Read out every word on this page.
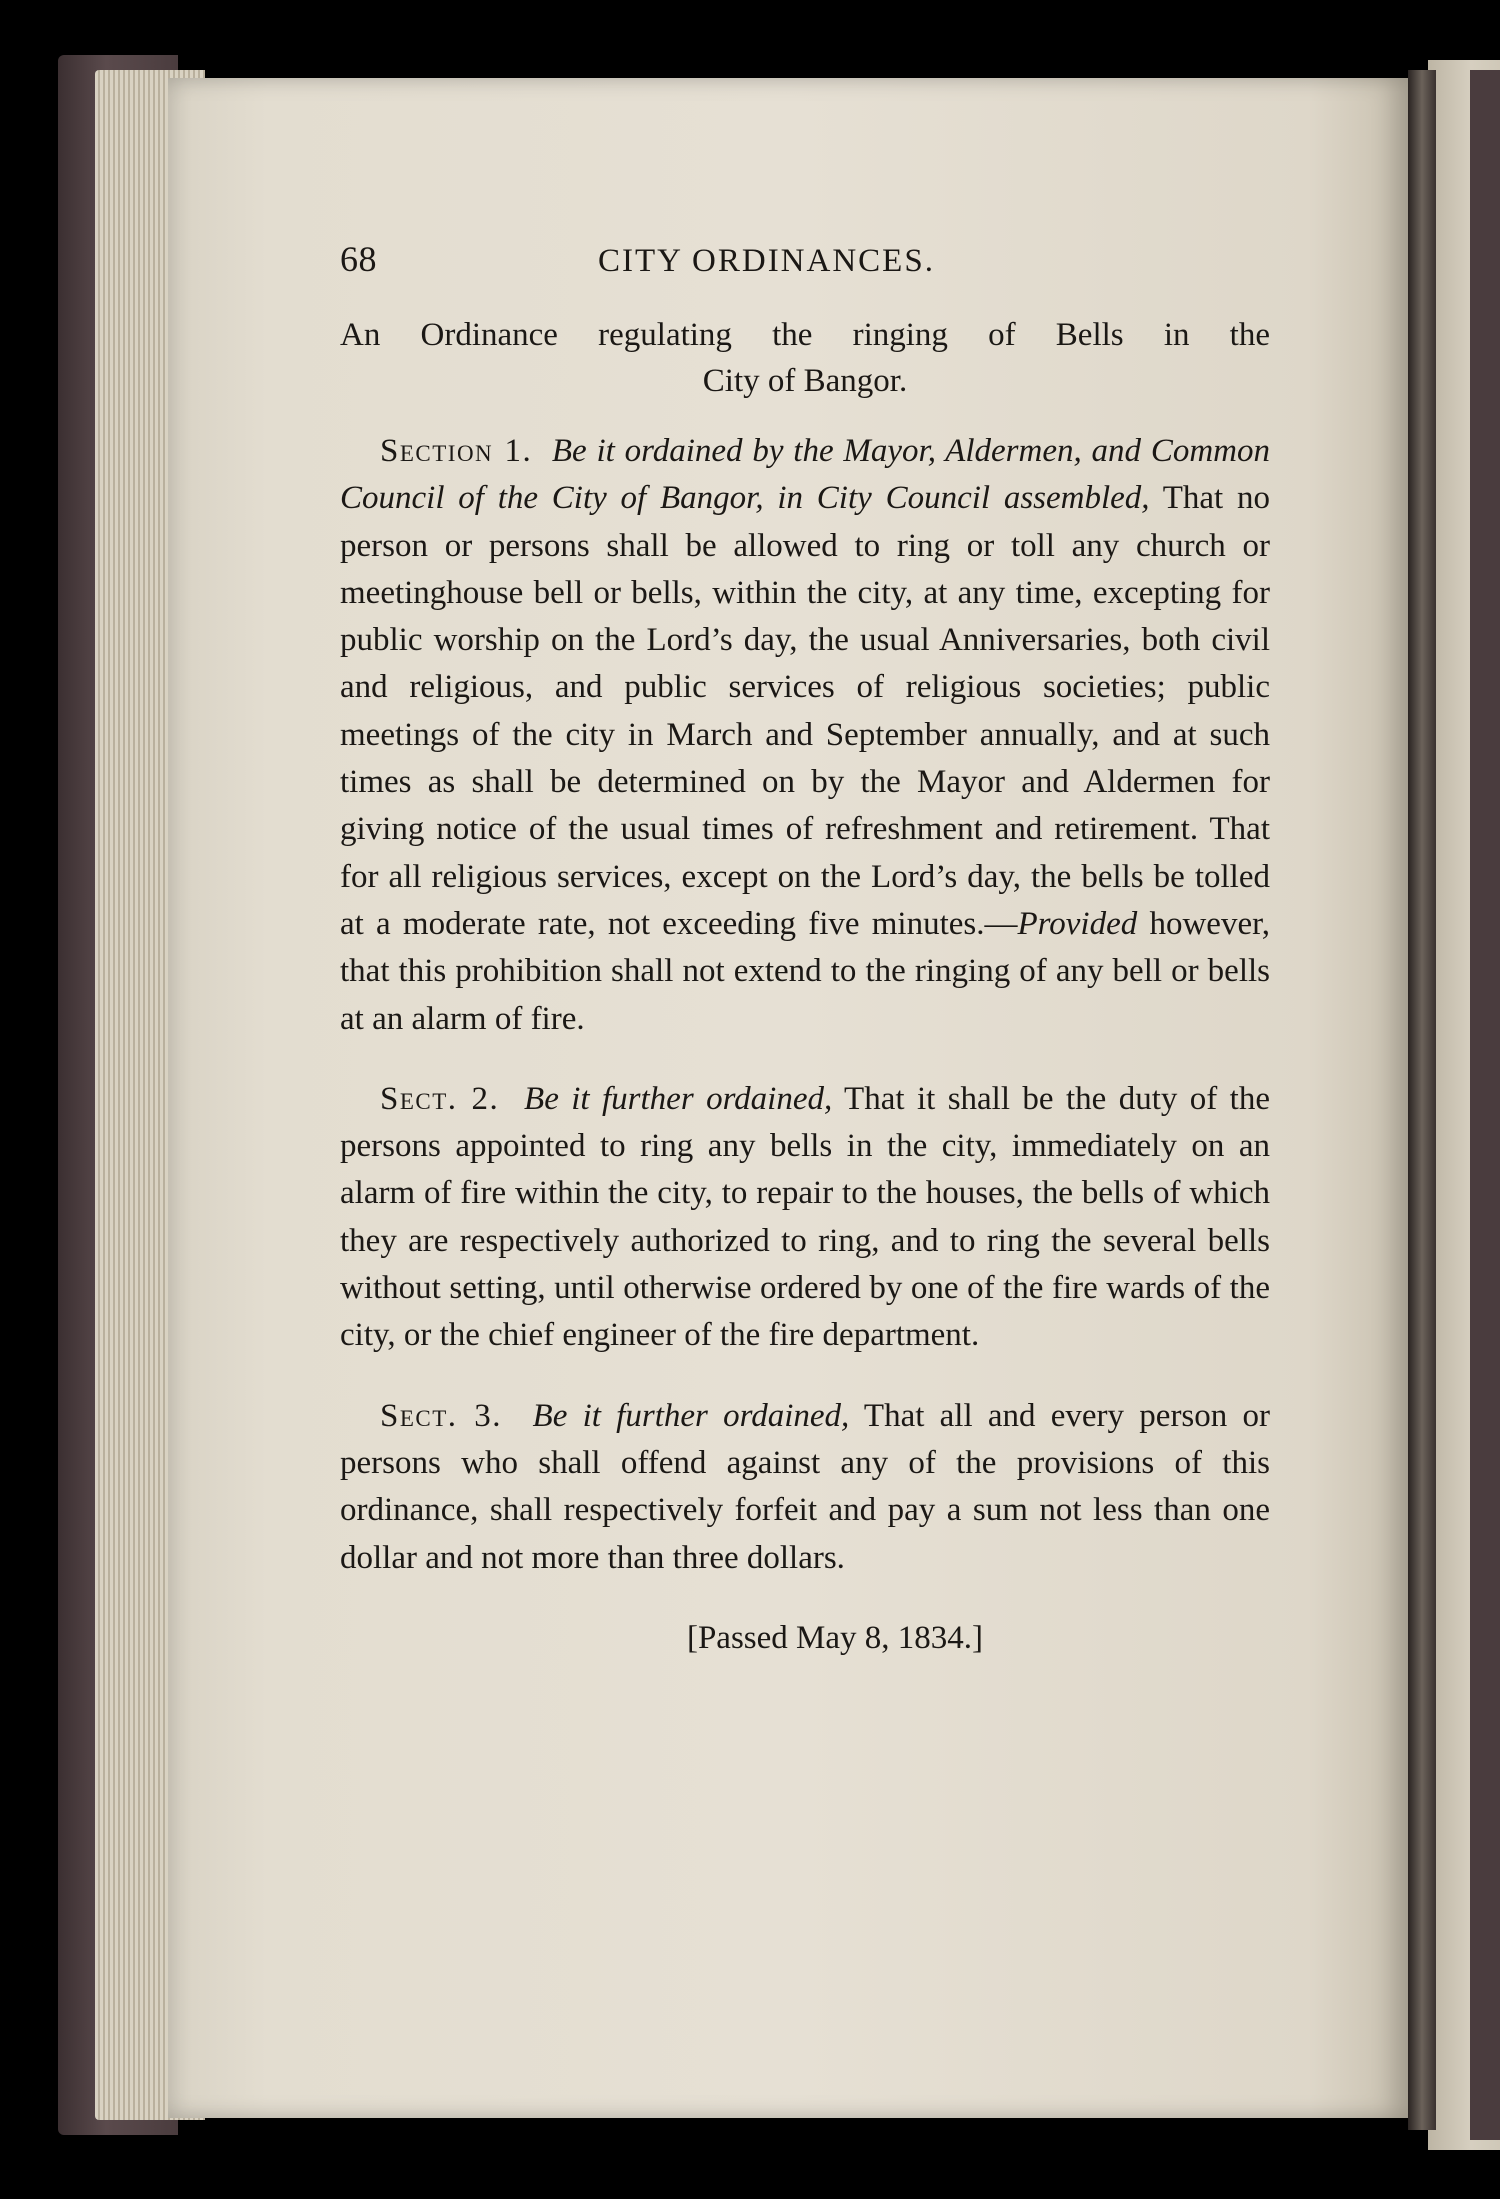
68	CITY ORDINANCES.
An Ordinance regulating the ringing of Bells in the
City of Bangor.

Section 1. Be it ordained by the Mayor, Aldermen, and Common Council of the City of Bangor, in City Council assembled, That no person or persons shall be allowed to ring or toll any church or meetinghouse bell or bells, within the city, at any time, excepting for public worship on the Lord’s day, the usual Anniversaries, both civil and religious, and public services of religious societies; public meetings of the city in March and September annually, and at such times as shall be determined on by the Mayor and Aldermen for giving notice of the usual times of refreshment and retirement. That for all religious services, except on the Lord’s day, the bells be tolled at a moderate rate, not exceeding five minutes.—Provided however, that this prohibition shall not extend to the ringing of any bell or bells at an alarm of fire.

Sect. 2. Be it further ordained, That it shall be the duty of the persons appointed to ring any bells in the city, immediately on an alarm of fire within the city, to repair to the houses, the bells of which they are respectively authorized to ring, and to ring the several bells without setting, until otherwise ordered by one of the fire wards of the city, or the chief engineer of the fire department.

Sect. 3. Be it further ordained, That all and every person or persons who shall offend against any of the provisions of this ordinance, shall respectively forfeit and pay a sum not less than one dollar and not more than three dollars.

[Passed May 8, 1834.]
